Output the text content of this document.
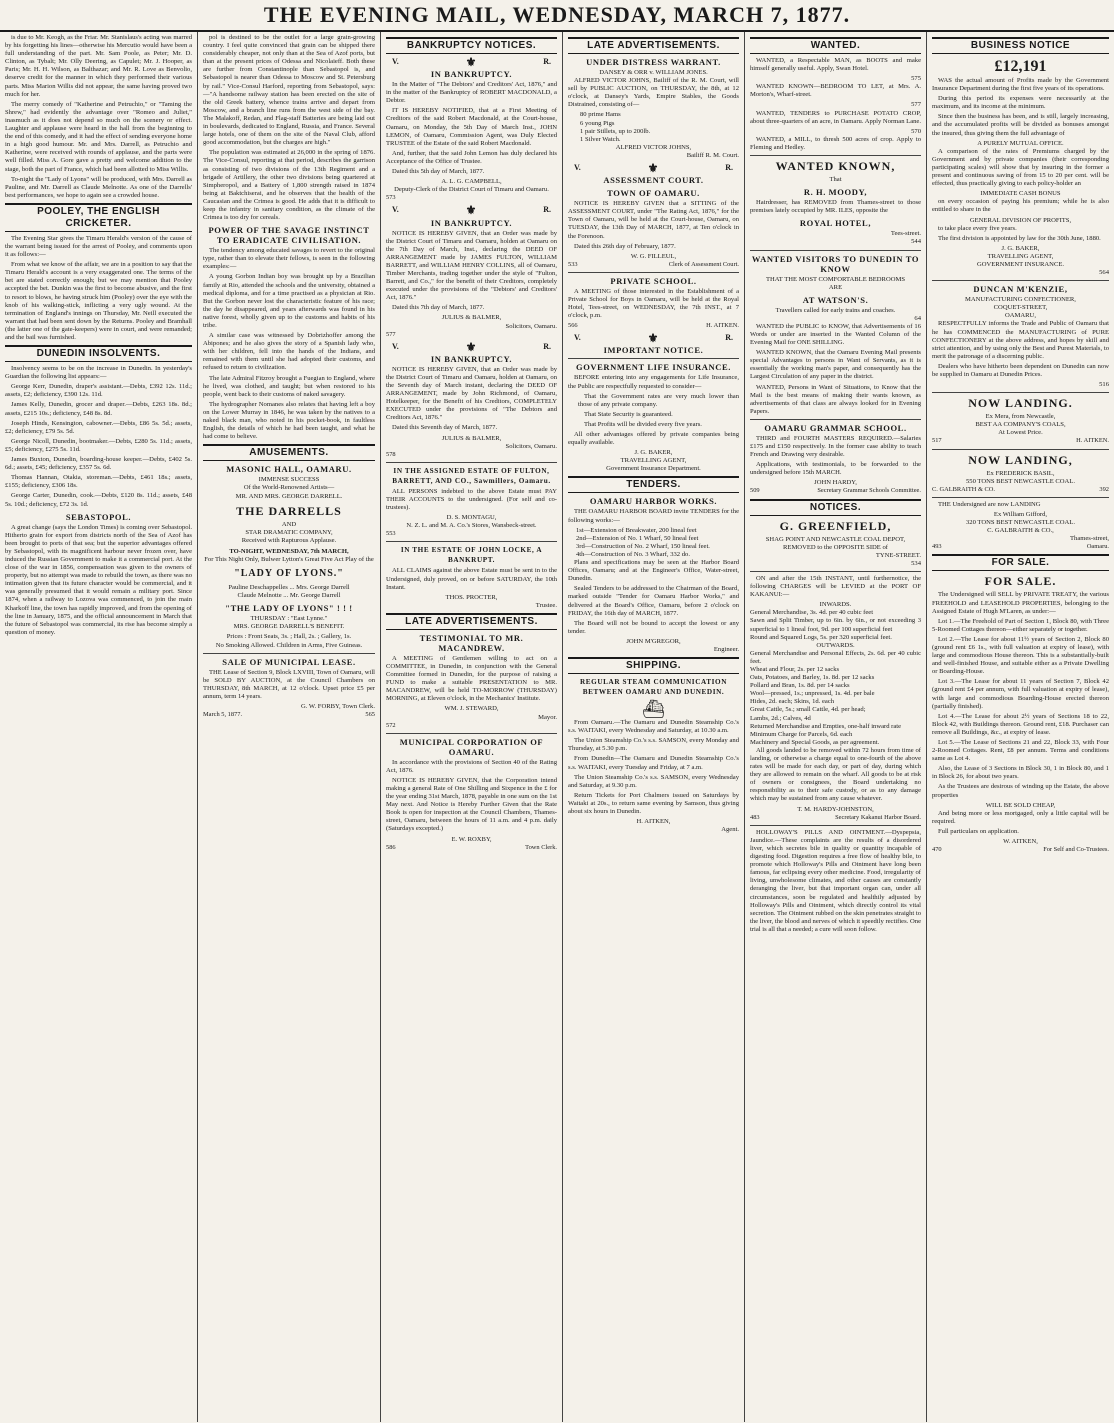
THE EVENING MAIL, WEDNESDAY, MARCH 7, 1877.

is due to Mr. Keogh, as the Friar. Mr. Stanislaus's acting was marred by his forgetting his lines—otherwise his Mercutio would have been a full understanding of the part. Mr. Sam Poole, as Peter; Mr. D. Clinton, as Tybalt; Mr. Olly Deering, as Capulet; Mr. J. Hooper, as Paris; Mr. H. H. Wilson, as Balthazar; and Mr. R. Love as Benvolio, deserve credit for the manner in which they performed their various parts. Miss Marion Willis did not appear, the same having proved two much for her.

The merry comedy of "Katherine and Petruchio," or "Taming the Shrew," had evidently the advantage over "Romeo and Juliet," inasmuch as it does not depend so much on the scenery or effect. Laughter and applause were heard in the hall from the beginning to the end of this comedy, and it had the effect of sending everyone home in a high good humour. Mr. and Mrs. Darrell, as Petruchio and Katherine, were received with rounds of applause, and the parts were well filled. Miss A. Gore gave a pretty and welcome addition to the stage, both the part of France, which had been allotted to Miss Willis.

To-night the "Lady of Lyons" will be produced, with Mrs. Darrell as Pauline, and Mr. Darrell as Claude Melnotte. As one of the Darrells' best performances, we hope to again see a crowded house.

POOLEY, THE ENGLISH CRICKETER.

The Evening Star gives the Timaru Herald's version of the cause of the warrant being issued for the arrest of Pooley, and comments upon it as follows:—

From what we know of the affair, we are in a position to say that the Timaru Herald's account is a very exaggerated one. The terms of the bet are stated correctly enough; but we may mention that Pooley accepted the bet. Dunkin was the first to become abusive, and the first to resort to blows, he having struck him (Pooley) over the eye with the knob of his walking-stick, inflicting a very ugly wound. At the termination of England's innings on Thursday, Mr. Neill executed the warrant that had been sent down by the Returns. Pooley and Bramhall (the latter one of the gate-keepers) were in court, and were remanded; and the bail was furnished.

DUNEDIN INSOLVENTS.

Insolvency seems to be on the increase in Dunedin. In yesterday's Guardian the following list appears:—

George Kerr, Dunedin, draper's assistant.—Debts, £392 12s. 11d.; assets, £2; deficiency, £390 12s. 11d.

James Kelly, Dunedin, grocer and draper.—Debts, £263 18s. 8d.; assets, £215 10s.; deficiency, £48 8s. 8d.

Joseph Hinds, Kensington, cabowner.—Debts, £86 5s. 5d.; assets, £2; deficiency, £79 5s. 5d.

George Nicoll, Dunedin, bootmaker.—Debts, £280 5s. 11d.; assets, £5; deficiency, £275 5s. 11d.

James Buxton, Dunedin, boarding-house keeper.—Debts, £402 5s. 6d.; assets, £45; deficiency, £357 5s. 6d.

Thomas Hannan, Otakia, storeman.—Debts, £461 18s.; assets, £155; deficiency, £306 18s.

George Carter, Dunedin, cook.—Debts, £120 8s. 11d.; assets, £48 5s. 10d.; deficiency, £72 3s. 1d.

SEBASTOPOL.

A great change (says the London Times) is coming over Sebastopol. Hitherto grain for export from districts north of the Sea of Azof has been brought to ports of that sea; but the superior advantages offered by Sebastopol, with its magnificent harbour never frozen over, have induced the Russian Government to make it a commercial port. At the close of the war in 1856, compensation was given to the owners of property, but no attempt was made to rebuild the town, as there was no intimation given that its future character would be commercial, and it was generally presumed that it would remain a military port. Since 1874, when a railway to Lozova was commenced, to join the main Kharkoff line, the town has rapidly improved, and from the opening of the line in January, 1875, and the official announcement in March that the future of Sebastopol was commercial, its rise has become simply a question of money.

pol is destined to be the outlet for a large grain-growing country. I feel quite convinced that grain can be shipped there considerably cheaper, not only than at the Sea of Azof ports, but than at the present prices of Odessa and Nicolaieff. Both these are further from Constantinople than Sebastopol is, and Sebastopol is nearer than Odessa to Moscow and St. Petersburg by rail." Vice-Consul Harford, reporting from Sebastopol, says:—"A handsome railway station has been erected on the site of the old Greek battery, whence trains arrive and depart from Moscow, and a branch line runs from the west side of the bay. The Malakoff, Redan, and Flag-staff Batteries are being laid out in boulevards, dedicated to England, Russia, and France. Several large hotels, one of them on the site of the Naval Club, afford good accommodation, but the charges are high."

The population was estimated at 26,000 in the spring of 1876. The Vice-Consul, reporting at that period, describes the garrison as consisting of two divisions of the 13th Regiment and a brigade of Artillery, the other two divisions being quartered at Simpheropol, and a Battery of 1,800 strength raised in 1874 being at Baktchiserai, and he observes that the health of the Caucasian and the Crimea is good. He adds that it is difficult to keep the infantry in sanitary condition, as the climate of the Crimea is too dry for cereals.

POWER OF THE SAVAGE INSTINCT TO ERADICATE CIVILISATION.

The tendency among educated savages to revert to the original type, rather than to elevate their fellows, is seen in the following examples:—

A young Gorbon Indian boy was brought up by a Brazilian family at Rio, attended the schools and the university, obtained a medical diploma, and for a time practised as a physician at Rio. But the Gorbon never lost the characteristic feature of his race; the day he disappeared, and years afterwards was found in his native forest, wholly given up to the customs and habits of his tribe.

A similar case was witnessed by Dobrizhoffer among the Abipones; and he also gives the story of a Spanish lady who, with her children, fell into the hands of the Indians, and remained with them until she had adopted their customs, and refused to return to civilization.

The late Admiral Fitzroy brought a Fuegian to England, where he lived, was clothed, and taught; but when restored to his people, went back to their customs of naked savagery.

The hydrographer Nomanes also relates that having left a boy on the Lower Murray in 1846, he was taken by the natives to a naked black man, who noted in his pocket-book, in faultless English, the details of which he had been taught, and what he had come to believe.

AMUSEMENTS.
MASONIC HALL, OAMARU.
IMMENSE SUCCESS
Of the World-Renowned Artists—
MR. AND MRS. GEORGE DARRELL.
THE DARRELLS
AND
STAR DRAMATIC COMPANY,
Received with Rapturous Applause.
TO-NIGHT, WEDNESDAY, 7th MARCH,
For This Night Only, Bulwer Lytton's Great Five Act Play of the
"LADY OF LYONS."
Pauline Deschappelles ... Mrs. George Darrell
Claude Melnotte ... Mr. George Darrell
"THE LADY OF LYONS" ! ! !
THURSDAY : "East Lynne."
MRS. GEORGE DARRELL'S BENEFIT.
Prices : Front Seats, 3s. ; Hall, 2s. ; Gallery, 1s.
No Smoking Allowed. Children in Arms, Five Guineas.
SALE OF MUNICIPAL LEASE.

THE Lease of Section 9, Block LXVIII, Town of Oamaru, will be SOLD BY AUCTION, at the Council Chambers on THURSDAY, 8th MARCH, at 12 o'clock. Upset price £5 per annum, term 14 years.

G. W. FORBY, Town Clerk.
March 5, 1877.	565
BANKRUPTCY NOTICES.
V.	⚜	R.
IN BANKRUPTCY.

In the Matter of "The Debtors' and Creditors' Act, 1876," and in the matter of the Bankruptcy of ROBERT MACDONALD, a Debtor.

IT IS HEREBY NOTIFIED, that at a First Meeting of Creditors of the said Robert Macdonald, at the Court-house, Oamaru, on Monday, the 5th Day of March Inst., JOHN LEMON, of Oamaru, Commission Agent, was Duly Elected TRUSTEE of the Estate of the said Robert Macdonald.

And, further, that the said John Lemon has duly declared his Acceptance of the Office of Trustee.

Dated this 5th day of March, 1877.

A. L. G. CAMPBELL,
Deputy-Clerk of the District Court of Timaru and Oamaru.
573
V.	⚜	R.
IN BANKRUPTCY.

NOTICE IS HEREBY GIVEN, that an Order was made by the District Court of Timaru and Oamaru, holden at Oamaru on the 7th Day of March, Inst., declaring the DEED OF ARRANGEMENT made by JAMES FULTON, WILLIAM BARRETT, and WILLIAM HENRY COLLINS, all of Oamaru, Timber Merchants, trading together under the style of "Fulton, Barrett, and Co.," for the benefit of their Creditors, completely executed under the provisions of the "Debtors' and Creditors' Act, 1876."

Dated this 7th day of March, 1877.

JULIUS & BALMER,
Solicitors, Oamaru.
577
V.	⚜	R.
IN BANKRUPTCY.

NOTICE IS HEREBY GIVEN, that an Order was made by the District Court of Timaru and Oamaru, holden at Oamaru, on the Seventh day of March instant, declaring the DEED OF ARRANGEMENT, made by John Richmond, of Oamaru, Hotelkeeper, for the Benefit of his Creditors, COMPLETELY EXECUTED under the provisions of "The Debtors and Creditors Act, 1876."

Dated this Seventh day of March, 1877.

JULIUS & BALMER,
Solicitors, Oamaru.
578
IN THE ASSIGNED ESTATE OF FULTON, BARRETT, AND CO., Sawmillers, Oamaru.

ALL PERSONS indebted to the above Estate must PAY THEIR ACCOUNTS to the undersigned. (For self and co-trustees).

D. S. MONTAGU,
N. Z. L. and M. A. Co.'s Stores, Wansbeck-street.
553
IN THE ESTATE OF JOHN LOCKE, A BANKRUPT.

ALL CLAIMS against the above Estate must be sent in to the Undersigned, duly proved, on or before SATURDAY, the 10th Instant.

THOS. PROCTER,
Trustee.
LATE ADVERTISEMENTS.
TESTIMONIAL TO MR. MACANDREW.

A MEETING of Gentlemen willing to act on a COMMITTEE, in Dunedin, in conjunction with the General Committee formed in Dunedin, for the purpose of raising a FUND to make a suitable PRESENTATION to MR. MACANDREW, will be held TO-MORROW (THURSDAY) MORNING, at Eleven o'clock, in the Mechanics' Institute.

WM. J. STEWARD,
Mayor.
572
MUNICIPAL CORPORATION OF OAMARU.

In accordance with the provisions of Section 40 of the Rating Act, 1876.

NOTICE IS HEREBY GIVEN, that the Corporation intend making a general Rate of One Shilling and Sixpence in the £ for the year ending 31st March, 1878, payable in one sum on the 1st May next. And Notice is Hereby Further Given that the Rate Book is open for inspection at the Council Chambers, Thames-street, Oamaru, between the hours of 11 a.m. and 4 p.m. daily (Saturdays excepted.)

E. W. ROXBY,
586	Town Clerk.
LATE ADVERTISEMENTS.
UNDER DISTRESS WARRANT.
DANSEY & ORR v. WILLIAM JONES.

ALFRED VICTOR JOHNS, Bailiff of the R. M. Court, will sell by PUBLIC AUCTION, on THURSDAY, the 8th, at 12 o'clock, at Dansey's Yards, Empire Stables, the Goods Distrained, consisting of—

80 prime Hams
6 young Pigs
1 pair Stillets, up to 200lb.
1 Silver Watch.
ALFRED VICTOR JOHNS,
Bailiff R. M. Court.
V.	⚜	R.
ASSESSMENT COURT.
TOWN OF OAMARU.

NOTICE IS HEREBY GIVEN that a SITTING of the ASSESSMENT COURT, under "The Rating Act, 1876," for the Town of Oamaru, will be held at the Court-house, Oamaru, on TUESDAY, the 13th Day of MARCH, 1877, at Ten o'clock in the Forenoon.

Dated this 26th day of February, 1877.

W. G. FILLEUL,
533	Clerk of Assessment Court.
PRIVATE SCHOOL.

A MEETING of those interested in the Establishment of a Private School for Boys in Oamaru, will be held at the Royal Hotel, Tees-street, on WEDNESDAY, the 7th INST., at 7 o'clock, p.m.

566	H. AITKEN.
V.	⚜	R.
IMPORTANT NOTICE.
GOVERNMENT LIFE INSURANCE.

BEFORE entering into any engagements for Life Insurance, the Public are respectfully requested to consider—

That the Government rates are very much lower than those of any private company.

That State Security is guaranteed.

That Profits will be divided every five years.

All other advantages offered by private companies being equally available.

J. G. BAKER,
TRAVELLING AGENT,
Government Insurance Department.
TENDERS.
OAMARU HARBOR WORKS.

THE OAMARU HARBOR BOARD invite TENDERS for the following works:—

1st—Extension of Breakwater, 200 lineal feet
2nd—Extension of No. 1 Wharf, 50 lineal feet
3rd—Construction of No. 2 Wharf, 150 lineal feet.
4th—Construction of No. 3 Wharf, 332 do.

Plans and specifications may be seen at the Harbor Board Offices, Oamaru; and at the Engineer's Office, Water-street, Dunedin.

Sealed Tenders to be addressed to the Chairman of the Board, marked outside "Tender for Oamaru Harbor Works," and delivered at the Board's Office, Oamaru, before 2 o'clock on FRIDAY, the 16th day of MARCH, 1877.

The Board will not be bound to accept the lowest or any tender.

JOHN M'GREGOR,
Engineer.
SHIPPING.
REGULAR STEAM COMMUNICATION BETWEEN OAMARU AND DUNEDIN.
⛴

From Oamaru.—The Oamaru and Dunedin Steamship Co.'s s.s. WAITAKI, every Wednesday and Saturday, at 10.30 a.m.

The Union Steamship Co.'s s.s. SAMSON, every Monday and Thursday, at 5.30 p.m.

From Dunedin—The Oamaru and Dunedin Steamship Co.'s s.s. WAITAKI, every Tuesday and Friday, at 7 a.m.

The Union Steamship Co.'s s.s. SAMSON, every Wednesday and Saturday, at 9.30 p.m.

Return Tickets for Port Chalmers issued on Saturdays by Waitaki at 20s., to return same evening by Samson, thus giving about six hours in Dunedin.

H. AITKEN,
Agent.
WANTED.

WANTED, a Respectable MAN, as BOOTS and make himself generally useful. Apply, Swan Hotel.

575

WANTED KNOWN—BEDROOM TO LET, at Mrs. A. Morton's, Wharf-street.

577

WANTED, TENDERS to PURCHASE POTATO CROP, about three-quarters of an acre, in Oamaru. Apply Norman Lane.

570

WANTED, a MILL, to thresh 500 acres of crop. Apply to Fleming and Hedley.

WANTED KNOWN,
That
R. H. MOODY,

Hairdresser, has REMOVED from Thames-street to those premises lately occupied by MR. ILES, opposite the

ROYAL HOTEL,
Tees-street.
544
WANTED VISITORS TO DUNEDIN TO KNOW
THAT THE MOST COMFORTABLE BEDROOMS
ARE
AT WATSON'S.
Travellers called for early trains and coaches.
64

WANTED the PUBLIC to KNOW, that Advertisements of 16 Words or under are inserted in the Wanted Column of the Evening Mail for ONE SHILLING.

WANTED KNOWN, that the Oamaru Evening Mail presents special Advantages to persons in Want of Servants, as it is essentially the working man's paper, and consequently has the Largest Circulation of any paper in the district.

WANTED, Persons in Want of Situations, to Know that the Mail is the best means of making their wants known, as advertisements of that class are always looked for in Evening Papers.

OAMARU GRAMMAR SCHOOL.

THIRD and FOURTH MASTERS REQUIRED.—Salaries £175 and £150 respectively. In the former case ability to teach French and Drawing very desirable.

Applications, with testimonials, to be forwarded to the undersigned before 15th MARCH.

JOHN HARDY,
509	Secretary Grammar Schools Committee.
NOTICES.
G. GREENFIELD,
SHAG POINT AND NEWCASTLE COAL DEPOT,
REMOVED to the OPPOSITE SIDE of
TYNE-STREET.
534

ON and after the 15th INSTANT, until furthernotice, the following CHARGES will be LEVIED at the PORT OF KAKANUI:—

INWARDS.
General Merchandise, 3s. 4d. per 40 cubic feet
Sawn and Split Timber, up to 6in. by 6in., or not exceeding 3 superficial to 1 lineal foot, 9d. per 100 superficial feet
Round and Squared Logs, 5s. per 320 superficial feet.
OUTWARDS.
General Merchandise and Personal Effects, 2s. 6d. per 40 cubic feet.
Wheat and Flour, 2s. per 12 sacks
Oats, Potatoes, and Barley, 1s. 8d. per 12 sacks
Pollard and Bran, 1s. 8d. per 14 sacks
Wool—pressed, 1s.; unpressed, 1s. 4d. per bale
Hides, 2d. each; Skins, 1d. each
Great Cattle, 5s.; small Cattle, 4d. per head;
Lambs, 2d.; Calves, 4d
Returned Merchandise and Empties, one-half inward rate
Minimum Charge for Parcels, 6d. each
Machinery and Special Goods, as per agreement.

All goods landed to be removed within 72 hours from time of landing, or otherwise a charge equal to one-fourth of the above rates will be made for each day, or part of day, during which they are allowed to remain on the wharf. All goods to be at risk of owners or consignees, the Board undertaking no responsibility as to their safe custody, or as to any damage which may be sustained from any cause whatever.

T. M. HARDY-JOHNSTON,
483	Secretary Kakanui Harbor Board.

HOLLOWAY'S PILLS AND OINTMENT.—Dyspepsia, Jaundice.—These complaints are the results of a disordered liver, which secretes bile in quality or quantity incapable of digesting food. Digestion requires a free flow of healthy bile, to promote which Holloway's Pills and Ointment have long been famous, far eclipsing every other medicine. Food, irregularity of living, unwholesome climates, and other causes are constantly deranging the liver, but that important organ can, under all circumstances, soon be regulated and healthily adjusted by Holloway's Pills and Ointment, which directly control its vital secretion. The Ointment rubbed on the skin penetrates straight to the liver, the blood and nerves of which it speedily rectifies. One trial is all that a needed; a cure will soon follow.

BUSINESS NOTICE
£12,191

WAS the actual amount of Profits made by the Government Insurance Department during the first five years of its operations.

During this period its expenses were necessarily at the maximum, and its income at the minimum.

Since then the business has been, and is still, largely increasing, and the accumulated profits will be divided as bonuses amongst the insured, thus giving them the full advantage of

A PURELY MUTUAL OFFICE.

A comparison of the rates of Premiums charged by the Government and by private companies (their corresponding participating scales) will show that by insuring in the former a present and continuous saving of from 15 to 20 per cent. will be effected, thus practically giving to each policy-holder an

IMMEDIATE CASH BONUS

on every occasion of paying his premium; while he is also entitled to share in the

GENERAL DIVISION OF PROFITS,

to take place every five years.

The first division is appointed by law for the 30th June, 1880.

J. G. BAKER,
TRAVELLING AGENT,
GOVERNMENT INSURANCE.
564
DUNCAN M'KENZIE,
MANUFACTURING CONFECTIONER,
COQUET-STREET,
OAMARU,

RESPECTFULLY informs the Trade and Public of Oamaru that he has COMMENCED the MANUFACTURING of PURE CONFECTIONERY at the above address, and hopes by skill and strict attention, and by using only the Best and Purest Materials, to merit the patronage of a discerning public.

Dealers who have hitherto been dependent on Dunedin can now be supplied in Oamaru at Dunedin Prices.

516
NOW LANDING.
Ex Mera, from Newcastle,
BEST AA COMPANY'S COALS,
At Lowest Price.
517	H. AITKEN.
NOW LANDING,
Ex FREDERICK BASIL,
550 TONS BEST NEWCASTLE COAL.
C. GALBRAITH & CO.	392

THE Undersigned are now LANDING

Ex William Gifford,
320 TONS BEST NEWCASTLE COAL.
C. GALBRAITH & CO.,
Thames-street,
493	Oamaru.
FOR SALE.
FOR SALE.

The Undersigned will SELL by PRIVATE TREATY, the various FREEHOLD and LEASEHOLD PROPERTIES, belonging to the Assigned Estate of Hugh M'Laren, as under:—

Lot 1.—The Freehold of Part of Section 1, Block 80, with Three 5-Roomed Cottages thereon—either separately or together.

Lot 2.—The Lease for about 11½ years of Section 2, Block 80 (ground rent £6 1s., with full valuation at expiry of lease), with large and commodious House thereon. This is a substantially-built and well-finished House, and suitable either as a Private Dwelling or Boarding-House.

Lot 3.—The Lease for about 11 years of Section 7, Block 42 (ground rent £4 per annum, with full valuation at expiry of lease), with large and commodious Boarding-House erected thereon (partially finished).

Lot 4.—The Lease for about 2½ years of Sections 18 to 22, Block 42, with Buildings thereon. Ground rent, £18. Purchaser can remove all Buildings, &c., at expiry of lease.

Lot 5.—The Lease of Sections 21 and 22, Block 33, with Four 2-Roomed Cottages. Rent, £8 per annum. Terms and conditions same as Lot 4.

Also, the Lease of 3 Sections in Block 30, 1 in Block 80, and 1 in Block 26, for about two years.

As the Trustees are desirous of winding up the Estate, the above properties

WILL BE SOLD CHEAP,

And being more or less mortgaged, only a little capital will be required.

Full particulars on application.

W. AITKEN,
470	For Self and Co-Trustees.
